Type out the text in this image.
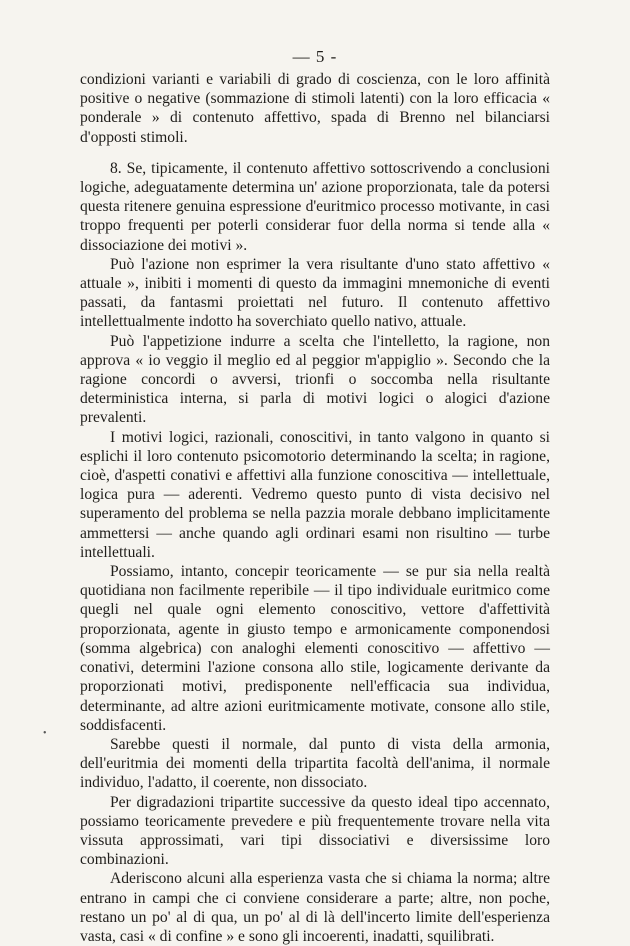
— 5 -

condizioni varianti e variabili di grado di coscienza, con le loro affinità positive o negative (sommazione di stimoli latenti) con la loro efficacia « ponderale » di contenuto affettivo, spada di Brenno nel bilanciarsi d'opposti stimoli.

8. Se, tipicamente, il contenuto affettivo sottoscrivendo a conclusioni logiche, adeguatamente determina un' azione proporzionata, tale da potersi questa ritenere genuina espressione d'euritmico processo motivante, in casi troppo frequenti per poterli considerar fuor della norma si tende alla « dissociazione dei motivi ».

Può l'azione non esprimer la vera risultante d'uno stato affettivo « attuale », inibiti i momenti di questo da immagini mnemoniche di eventi passati, da fantasmi proiettati nel futuro. Il contenuto affettivo intellettualmente indotto ha soverchiato quello nativo, attuale.

Può l'appetizione indurre a scelta che l'intelletto, la ragione, non approva « io veggio il meglio ed al peggior m'appiglio ». Secondo che la ragione concordi o avversi, trionfi o soccomba nella risultante deterministica interna, si parla di motivi logici o alogici d'azione prevalenti.

I motivi logici, razionali, conoscitivi, in tanto valgono in quanto si esplichi il loro contenuto psicomotorio determinando la scelta; in ragione, cioè, d'aspetti conativi e affettivi alla funzione conoscitiva — intellettuale, logica pura — aderenti. Vedremo questo punto di vista decisivo nel superamento del problema se nella pazzia morale debbano implicitamente ammettersi — anche quando agli ordinari esami non risultino — turbe intellettuali.

Possiamo, intanto, concepir teoricamente — se pur sia nella realtà quotidiana non facilmente reperibile — il tipo individuale euritmico come quegli nel quale ogni elemento conoscitivo, vettore d'affettività proporzionata, agente in giusto tempo e armonicamente componendosi (somma algebrica) con analoghi elementi conoscitivo — affettivo — conativi, determini l'azione consona allo stile, logicamente derivante da proporzionati motivi, predisponente nell'efficacia sua individua, determinante, ad altre azioni euritmicamente motivate, consone allo stile, soddisfacenti.

Sarebbe questi il normale, dal punto di vista della armonia, dell'euritmia dei momenti della tripartita facoltà dell'anima, il normale individuo, l'adatto, il coerente, non dissociato.

Per digradazioni tripartite successive da questo ideal tipo accennato, possiamo teoricamente prevedere e più frequentemente trovare nella vita vissuta approssimati, vari tipi dissociativi e diversissime loro combinazioni.

Aderiscono alcuni alla esperienza vasta che si chiama la norma; altre entrano in campi che ci conviene considerare a parte; altre, non poche, restano un po' al di qua, un po' al di là dell'incerto limite dell'esperienza vasta, casi « di confine » e sono gli incoerenti, inadatti, squilibrati.

•
